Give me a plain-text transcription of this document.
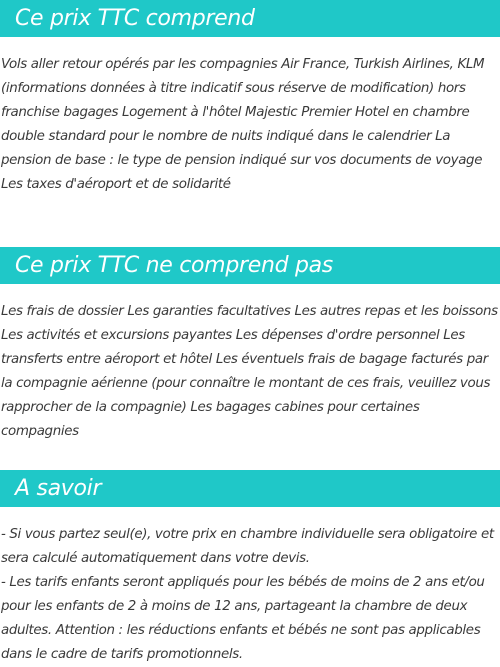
Ce prix TTC comprend

Vols aller retour opérés par les compagnies Air France, Turkish Airlines, KLM (informations données à titre indicatif sous réserve de modification) hors franchise bagages Logement à l'hôtel Majestic Premier Hotel en chambre double standard pour le nombre de nuits indiqué dans le calendrier La pension de base : le type de pension indiqué sur vos documents de voyage Les taxes d'aéroport et de solidarité

Ce prix TTC ne comprend pas

Les frais de dossier Les garanties facultatives Les autres repas et les boissons Les activités et excursions payantes Les dépenses d'ordre personnel Les transferts entre aéroport et hôtel Les éventuels frais de bagage facturés par la compagnie aérienne (pour connaître le montant de ces frais, veuillez vous rapprocher de la compagnie) Les bagages cabines pour certaines compagnies

A savoir

- Si vous partez seul(e), votre prix en chambre individuelle sera obligatoire et sera calculé automatiquement dans votre devis.

- Les tarifs enfants seront appliqués pour les bébés de moins de 2 ans et/ou pour les enfants de 2 à moins de 12 ans, partageant la chambre de deux adultes. Attention : les réductions enfants et bébés ne sont pas applicables dans le cadre de tarifs promotionnels.
